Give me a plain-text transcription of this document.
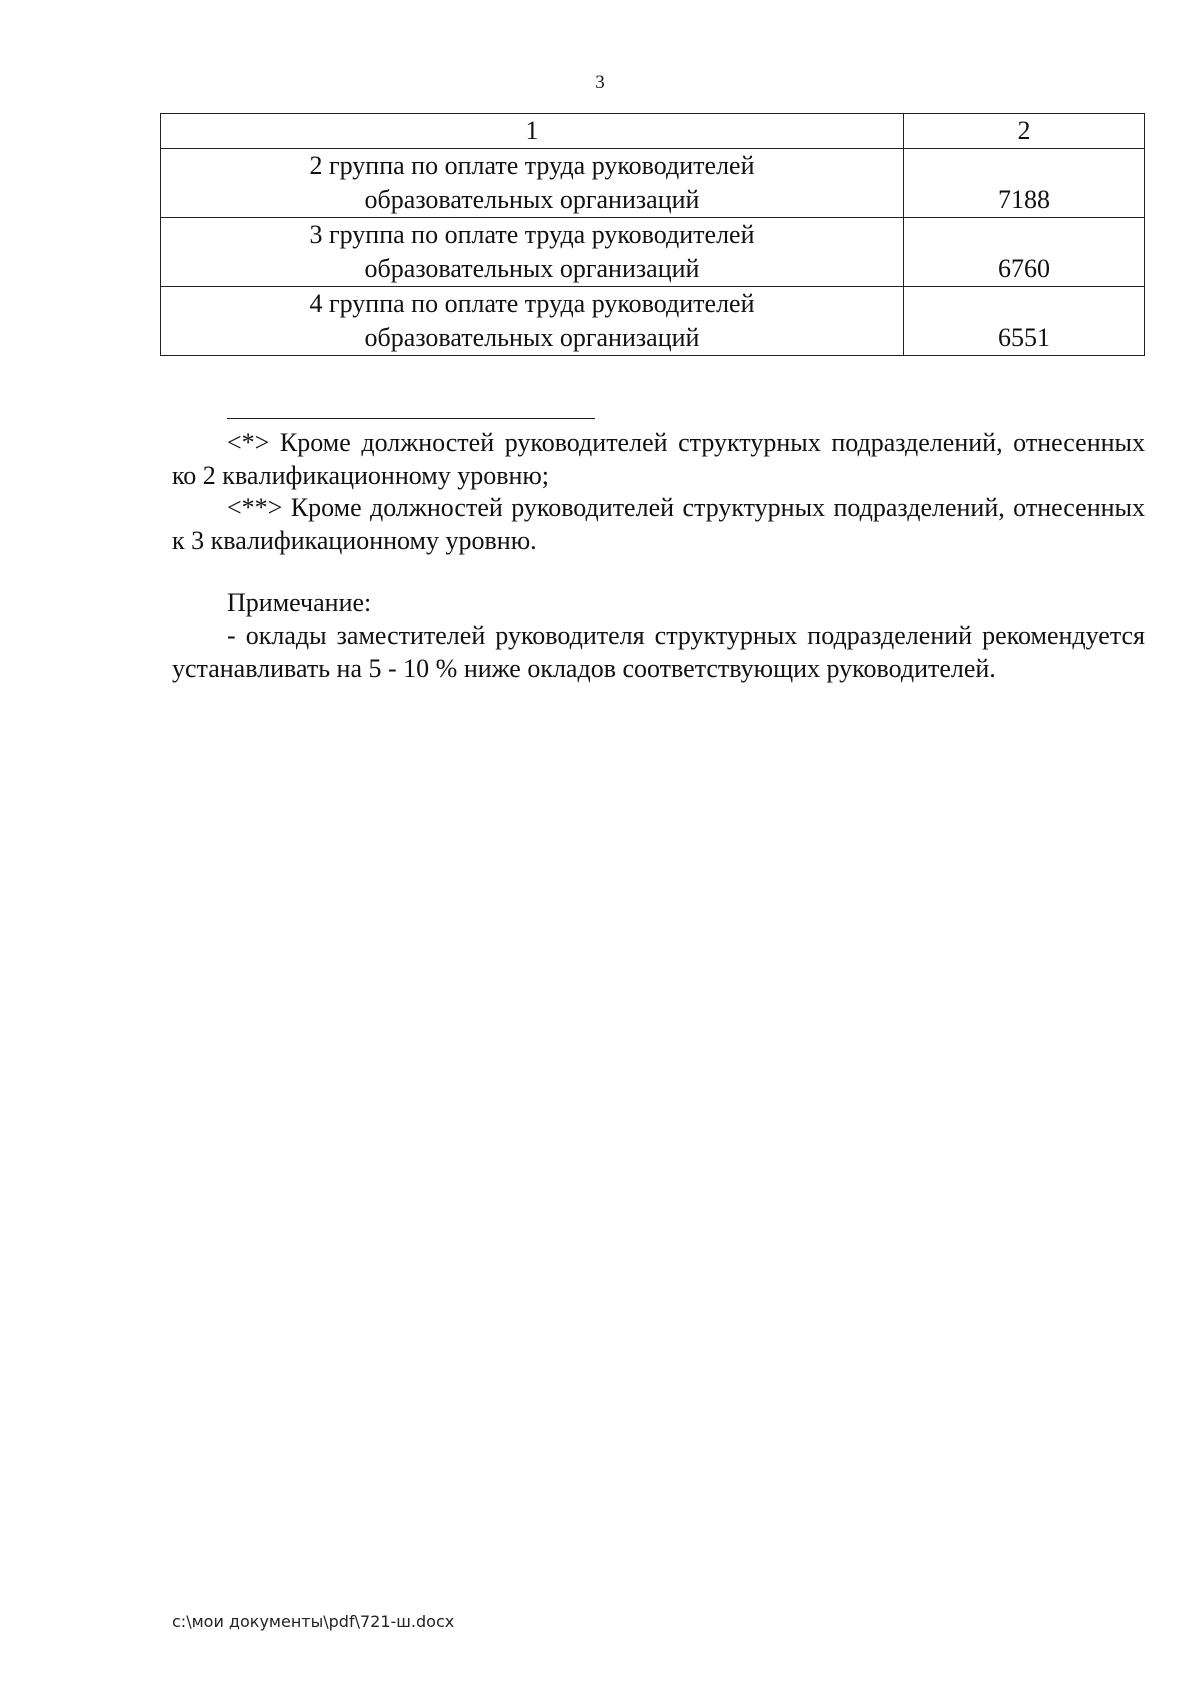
3
1	2

2 группа по оплате труда руководителей
образовательных организаций	7188

3 группа по оплате труда руководителей
образовательных организаций	6760

4 группа по оплате труда руководителей
образовательных организаций	6551

<*> Кроме должностей руководителей структурных подразделений, отнесенных ко 2 квалификационному уровню;

<**> Кроме должностей руководителей структурных подразделений, отнесенных к 3 квалификационному уровню.

Примечание:

- оклады заместителей руководителя структурных подразделений рекомендуется устанавливать на 5 - 10 % ниже окладов соответствующих руководителей.

c:\мои документы\pdf\721-ш.docx
